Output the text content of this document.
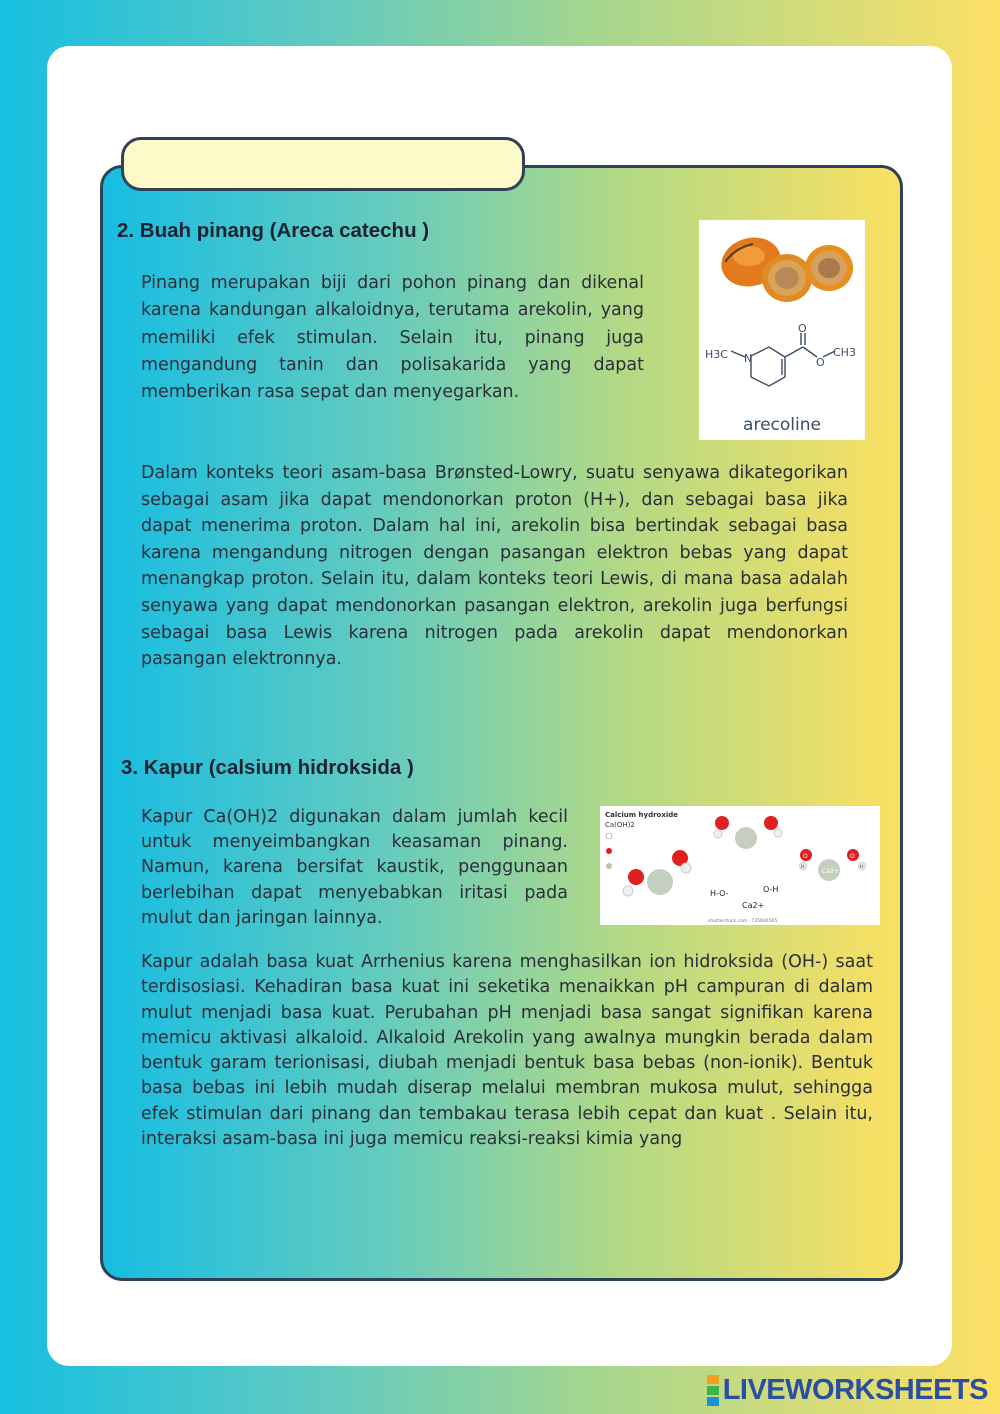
2. Buah pinang (Areca catechu )

Pinang merupakan biji dari pohon pinang dan dikenal karena kandungan alkaloidnya, terutama arekolin, yang memiliki efek stimulan. Selain itu, pinang juga mengandung tanin dan polisakarida yang dapat memberikan rasa sepat dan menyegarkan.

H3C N
O
O
CH3
arecoline

Dalam konteks teori asam-basa Brønsted-Lowry, suatu senyawa dikategorikan sebagai asam jika dapat mendonorkan proton (H+), dan sebagai basa jika dapat menerima proton. Dalam hal ini, arekolin bisa bertindak sebagai basa karena mengandung nitrogen dengan pasangan elektron bebas yang dapat menangkap proton. Selain itu, dalam konteks teori Lewis, di mana basa adalah senyawa yang dapat mendonorkan pasangan elektron, arekolin juga berfungsi sebagai basa Lewis karena nitrogen pada arekolin dapat mendonorkan pasangan elektronnya.

3. Kapur (calsium hidroksida )

Kapur Ca(OH)2 digunakan dalam jumlah kecil untuk menyeimbangkan keasaman pinang. Namun, karena bersifat kaustik, penggunaan berlebihan dapat menyebabkan iritasi pada mulut dan jaringan lainnya.

Calcium hydroxide
Ca(OH)2
O
H
Ca2+
O
H
H-O-	O-H
Ca2+
shutterstock.com · 735606565

Kapur adalah basa kuat Arrhenius karena menghasilkan ion hidroksida (OH-) saat terdisosiasi. Kehadiran basa kuat ini seketika menaikkan pH campuran di dalam mulut menjadi basa kuat. Perubahan pH menjadi basa sangat signifikan karena memicu aktivasi alkaloid. Alkaloid Arekolin yang awalnya mungkin berada dalam bentuk garam terionisasi, diubah menjadi bentuk basa bebas (non-ionik). Bentuk basa bebas ini lebih mudah diserap melalui membran mukosa mulut, sehingga efek stimulan dari pinang dan tembakau terasa lebih cepat dan kuat . Selain itu, interaksi asam-basa ini juga memicu reaksi-reaksi kimia yang

LIVEWORKSHEETS
